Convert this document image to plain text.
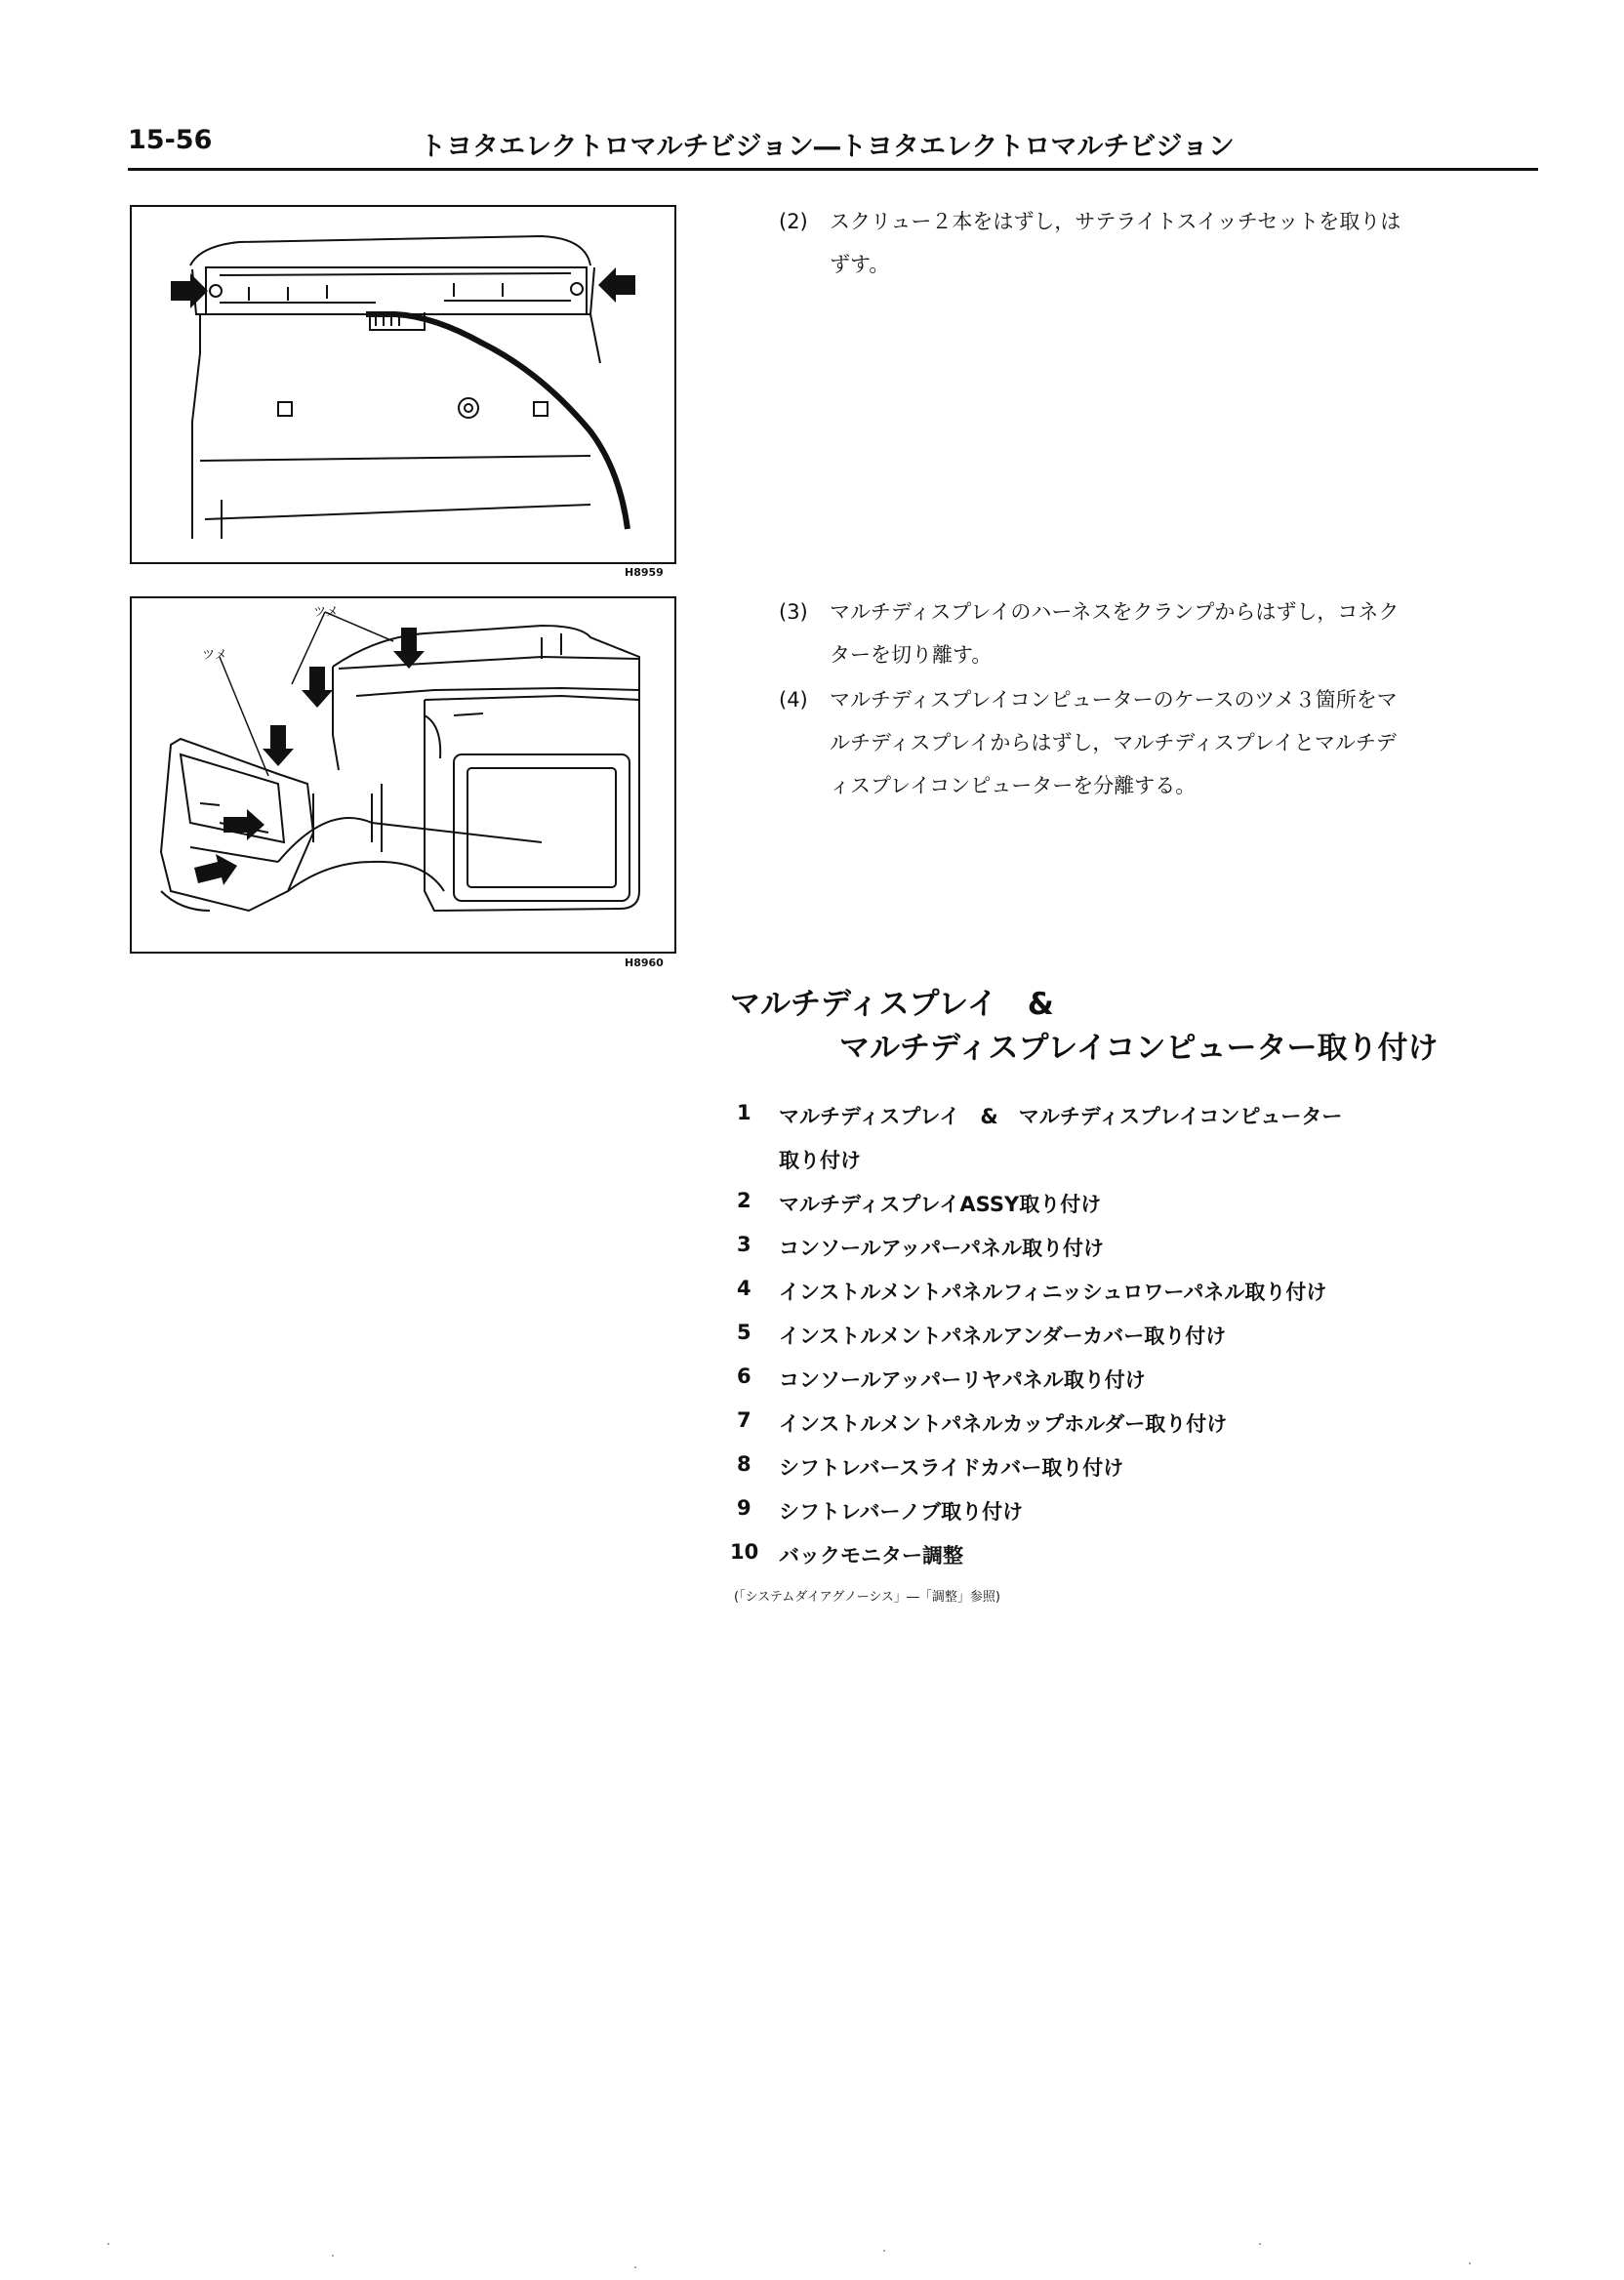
15-56	トヨタエレクトロマルチビジョン―トヨタエレクトロマルチビジョン
H8959
ツメ
ツメ
H8960
(2) スクリュー２本をはずし，サテライトスイッチセットを取りは
ずす。
(3) マルチディスプレイのハーネスをクランプからはずし，コネク
ターを切り離す。
(4) マルチディスプレイコンピューターのケースのツメ３箇所をマ
ルチディスプレイからはずし，マルチディスプレイとマルチデ
ィスプレイコンピューターを分離する。
マルチディスプレイ　&
マルチディスプレイコンピューター取り付け
1 マルチディスプレイ　&　マルチディスプレイコンピューター
取り付け
2 マルチディスプレイASSY取り付け
3 コンソールアッパーパネル取り付け
4 インストルメントパネルフィニッシュロワーパネル取り付け
5 インストルメントパネルアンダーカバー取り付け
6 コンソールアッパーリヤパネル取り付け
7 インストルメントパネルカップホルダー取り付け
8 シフトレバースライドカバー取り付け
9 シフトレバーノブ取り付け
10 バックモニター調整
(「システムダイアグノーシス」―「調整」参照)
